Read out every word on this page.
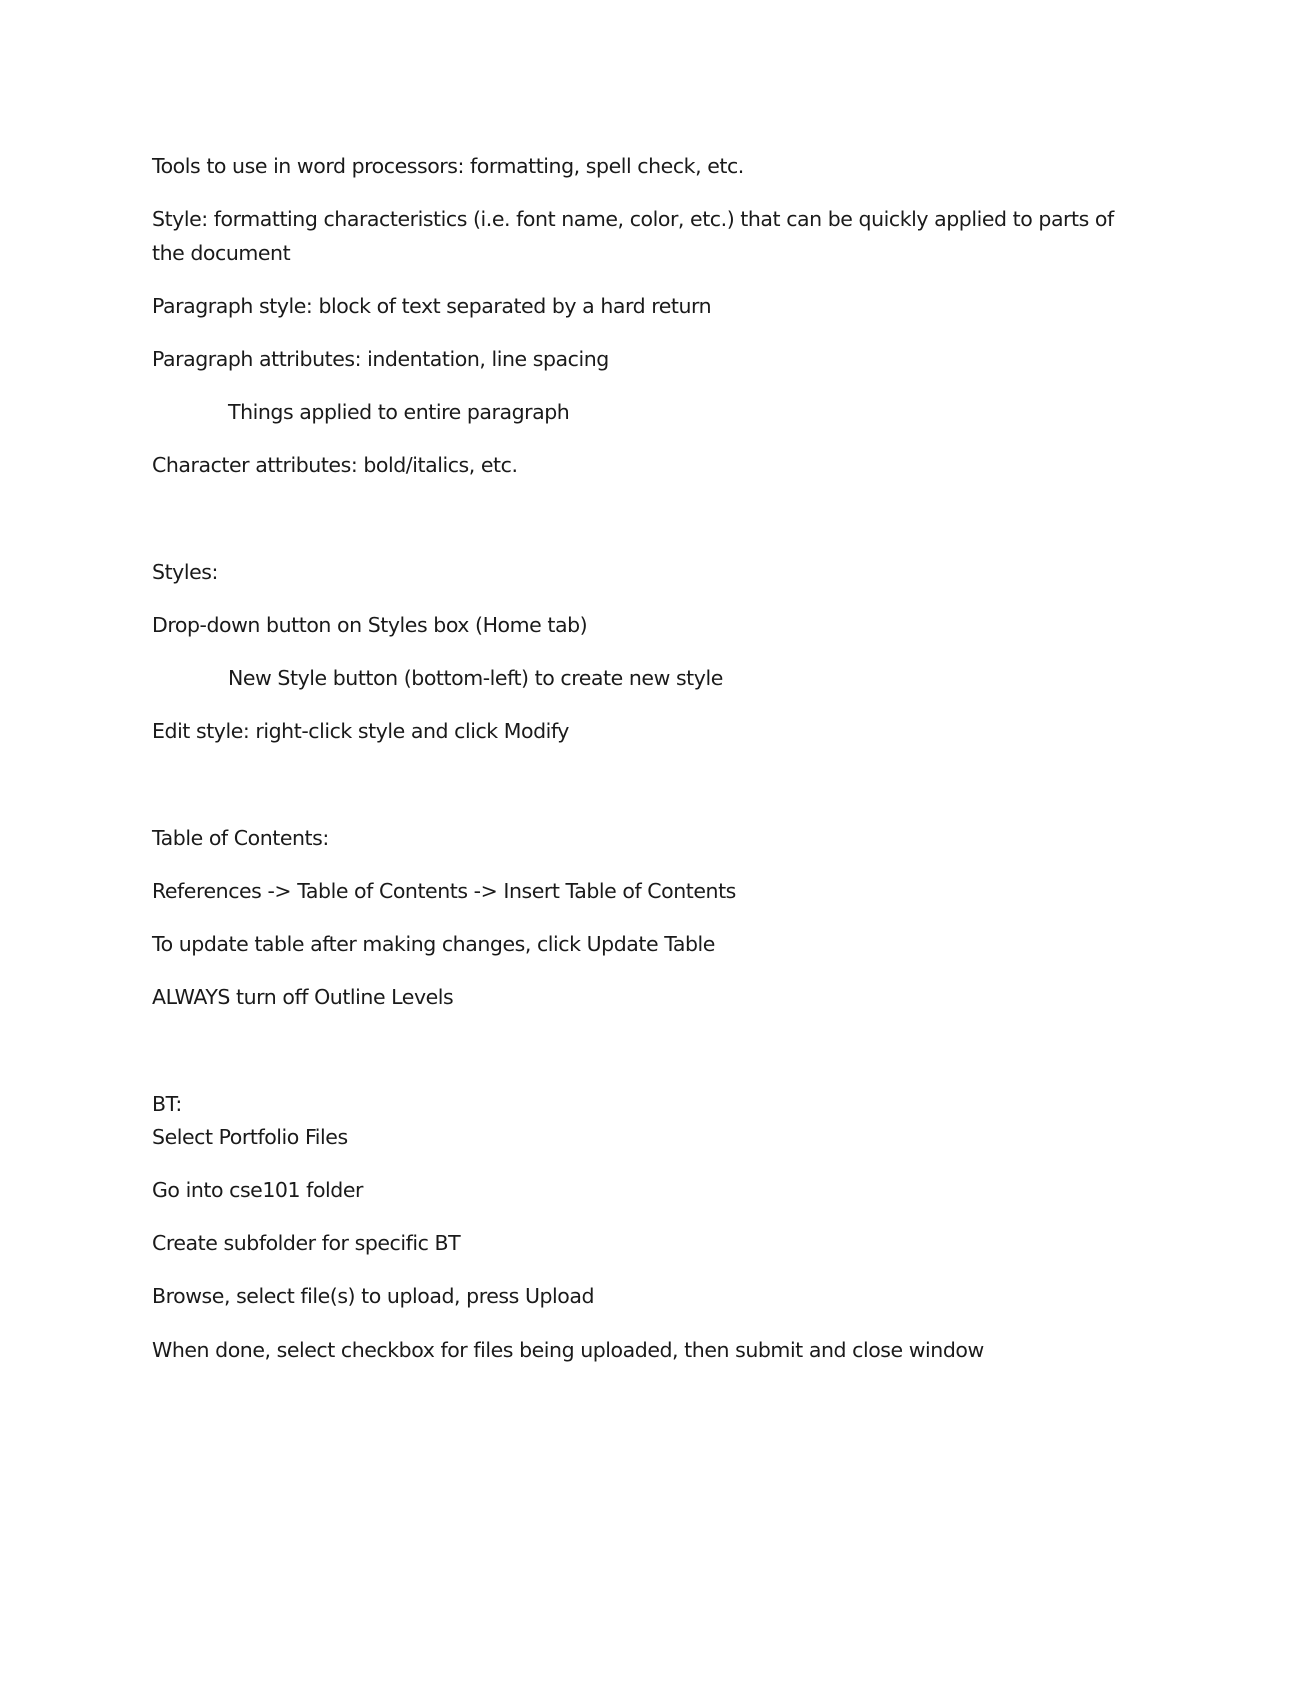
Tools to use in word processors: formatting, spell check, etc.

Style: formatting characteristics (i.e. font name, color, etc.) that can be quickly applied to parts of the document

Paragraph style: block of text separated by a hard return

Paragraph attributes: indentation, line spacing

Things applied to entire paragraph

Character attributes: bold/italics, etc.

Styles:

Drop-down button on Styles box (Home tab)

New Style button (bottom-left) to create new style

Edit style: right-click style and click Modify

Table of Contents:

References -> Table of Contents -> Insert Table of Contents

To update table after making changes, click Update Table

ALWAYS turn off Outline Levels

BT:

Select Portfolio Files

Go into cse101 folder

Create subfolder for specific BT

Browse, select file(s) to upload, press Upload

When done, select checkbox for files being uploaded, then submit and close window
